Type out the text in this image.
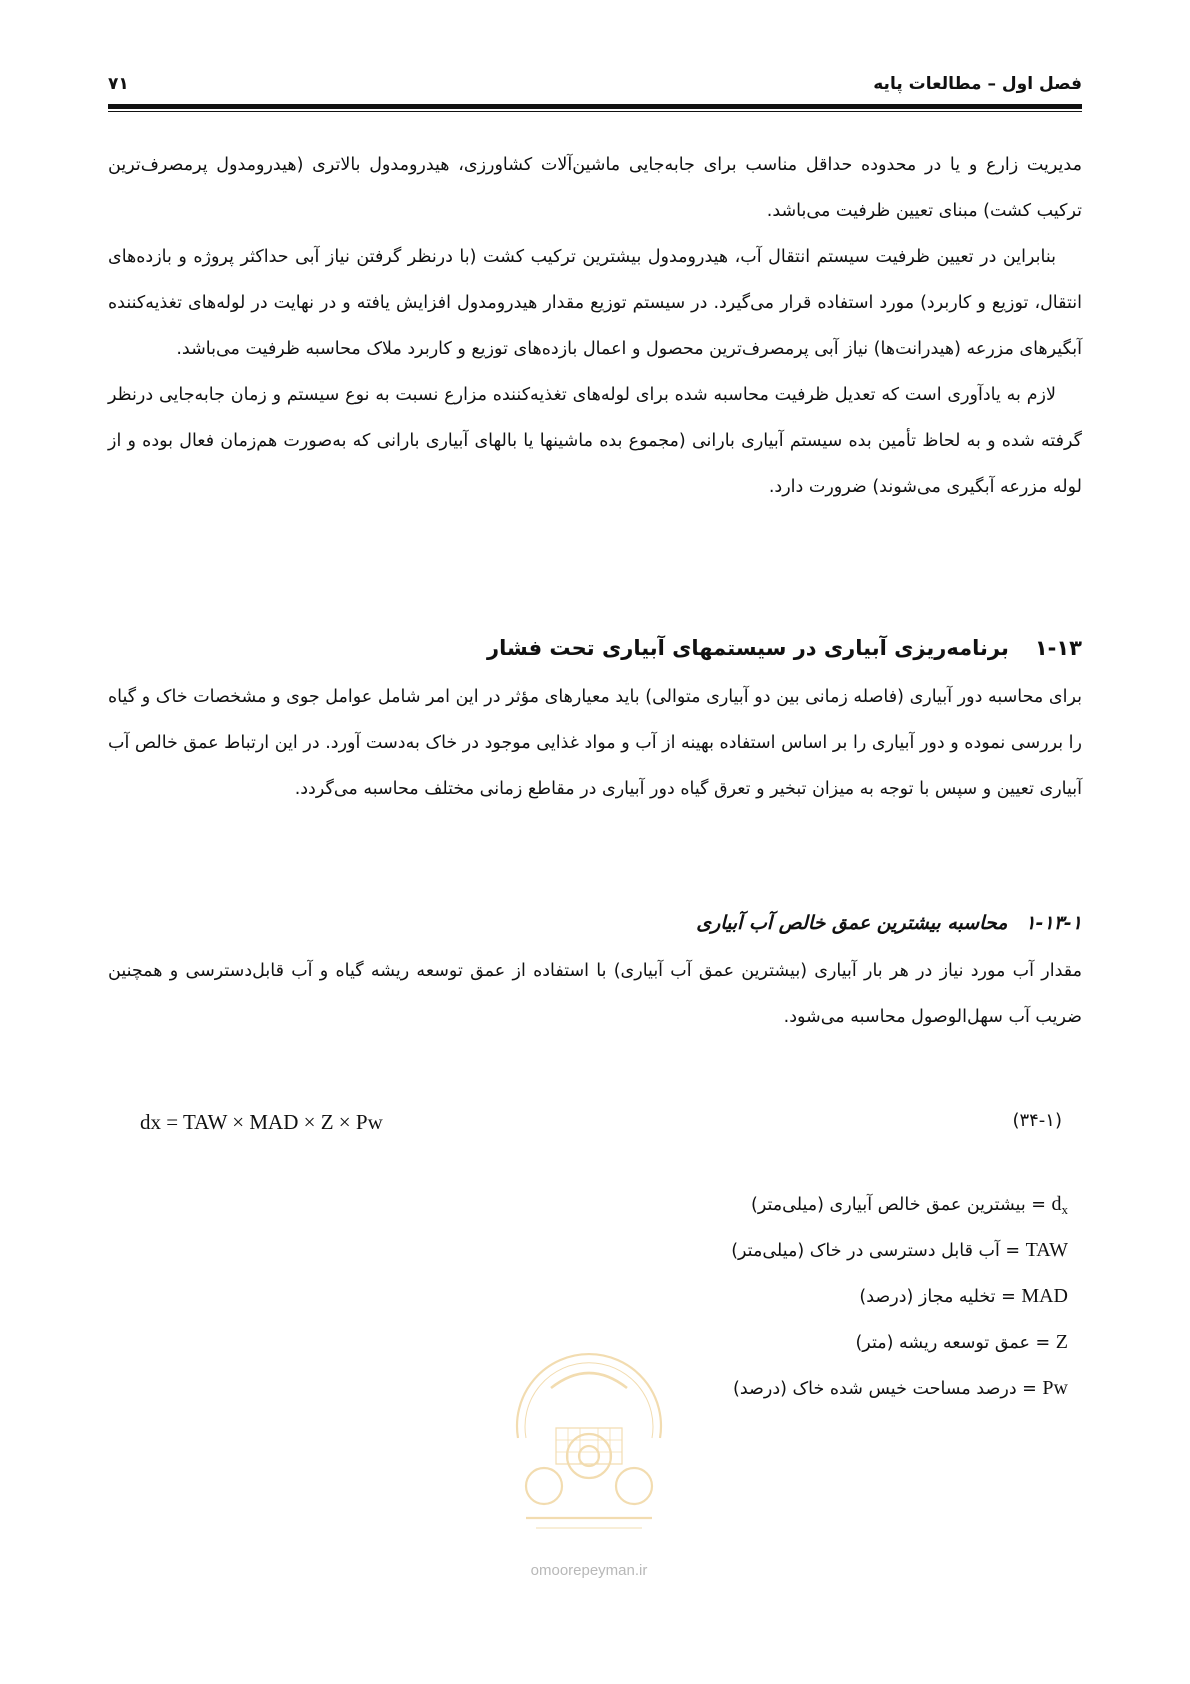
فصل اول – مطالعات پایه
۷۱

مدیریت زارع و یا در محدوده حداقل مناسب برای جابه‌جایی ماشین‌آلات کشاورزی، هیدرومدول بالاتری (هیدرومدول پرمصرف‌ترین ترکیب کشت) مبنای تعیین ظرفیت می‌باشد.

بنابراین در تعیین ظرفیت سیستم انتقال آب، هیدرومدول بیشترین ترکیب کشت (با درنظر گرفتن نیاز آبی حداکثر پروژه و بازده‌های انتقال، توزیع و کاربرد) مورد استفاده قرار می‌گیرد. در سیستم توزیع مقدار هیدرومدول افزایش یافته و در نهایت در لوله‌های تغذیه‌کننده آبگیرهای مزرعه (هیدرانت‌ها) نیاز آبی پرمصرف‌ترین محصول و اعمال بازده‌های توزیع و کاربرد ملاک محاسبه ظرفیت می‌باشد.

لازم به یادآوری است که تعدیل ظرفیت محاسبه شده برای لوله‌های تغذیه‌کننده مزارع نسبت به نوع سیستم و زمان جابه‌جایی درنظر گرفته شده و به لحاظ تأمین بده سیستم آبیاری بارانی (مجموع بده ماشینها یا بالهای آبیاری بارانی که به‌صورت هم‌زمان فعال بوده و از لوله مزرعه آبگیری می‌شوند) ضرورت دارد.

۱-۱۳برنامه‌ریزی آبیاری در سیستمهای آبیاری تحت فشار

برای محاسبه دور آبیاری (فاصله زمانی بین دو آبیاری متوالی) باید معیارهای مؤثر در این امر شامل عوامل جوی و مشخصات خاک و گیاه را بررسی نموده و دور آبیاری را بر اساس استفاده بهینه از آب و مواد غذایی موجود در خاک به‌دست آورد. در این ارتباط عمق خالص آب آبیاری تعیین و سپس با توجه به میزان تبخیر و تعرق گیاه دور آبیاری در مقاطع زمانی مختلف محاسبه می‌گردد.

۱-۱۳-۱محاسبه بیشترین عمق خالص آب آبیاری

مقدار آب مورد نیاز در هر بار آبیاری (بیشترین عمق آب آبیاری) با استفاده از عمق توسعه ریشه گیاه و آب قابل‌دسترسی و همچنین ضریب آب سهل‌الوصول محاسبه می‌شود.

dx = TAW × MAD × Z × Pw	(۳۴-۱)
$d_x$ = بیشترین عمق خالص آبیاری (میلی‌متر)
TAW = آب قابل دسترسی در خاک (میلی‌متر)
MAD = تخلیه مجاز (درصد)
Z = عمق توسعه ریشه (متر)
Pw = درصد مساحت خیس شده خاک (درصد)
omoorepeyman.ir
